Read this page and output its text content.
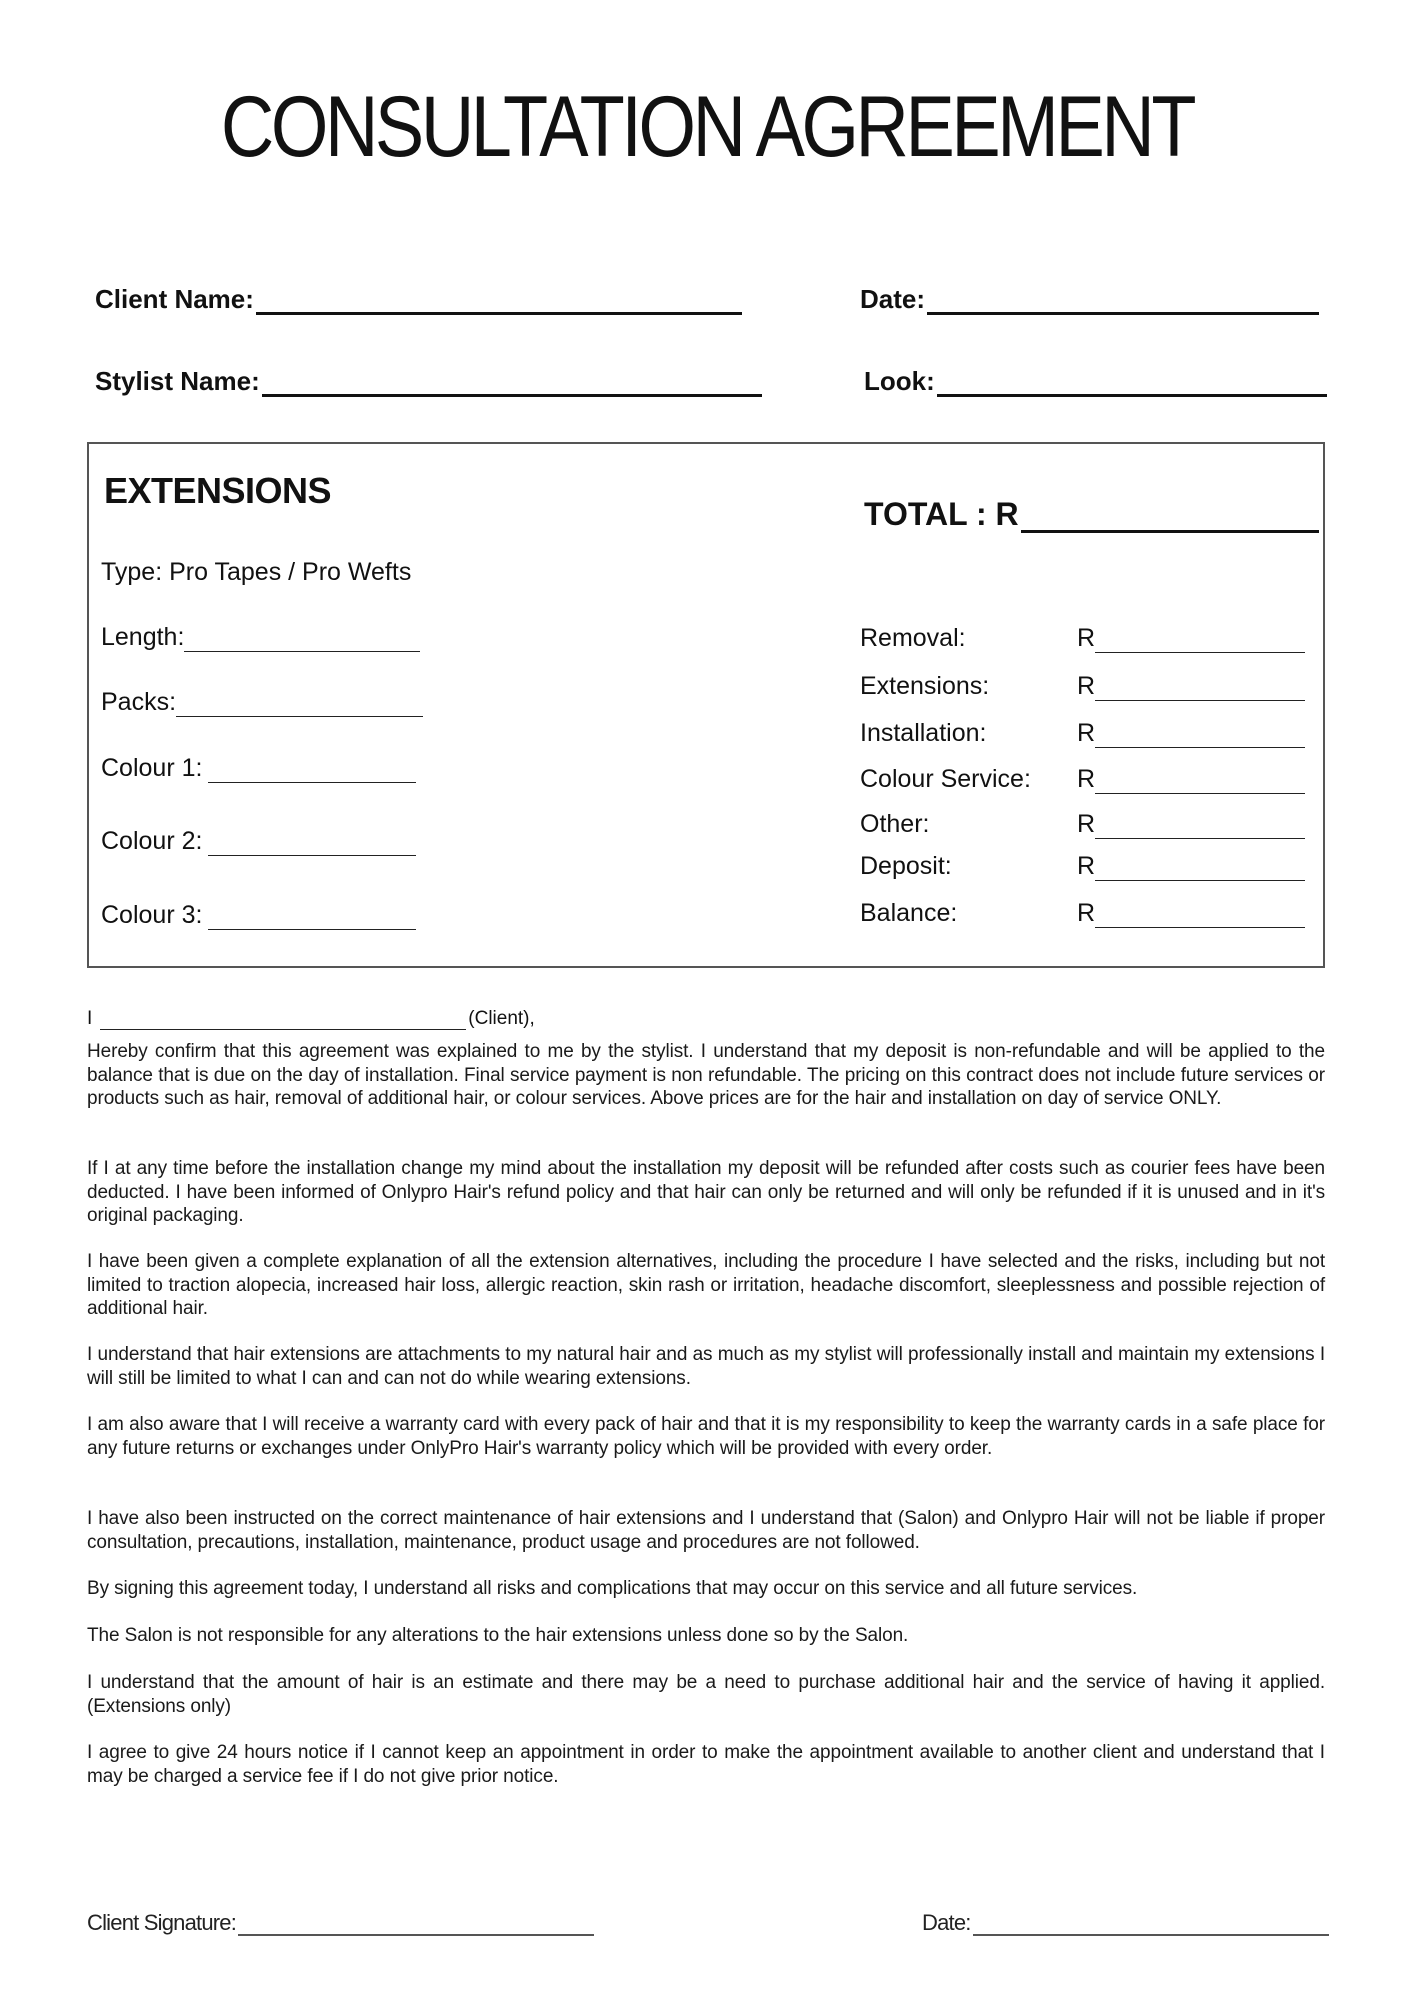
CONSULTATION AGREEMENT
Client Name:	Date:
Stylist Name:	Look:
EXTENSIONS
TOTAL : R
Type: Pro Tapes / Pro Wefts
Length:
Packs:
Colour 1:
Colour 2:
Colour 3:
Removal:	R
Extensions:	R
Installation:	R
Colour Service:	R
Other:	R
Deposit:	R
Balance:	R
I	(Client),

Hereby confirm that this agreement was explained to me by the stylist. I understand that my deposit is non-refundable and will be applied to the balance that is due on the day of installation. Final service payment is non refundable. The pricing on this contract does not include future services or products such as hair, removal of additional hair, or colour services. Above prices are for the hair and installation on day of service ONLY.

If I at any time before the installation change my mind about the installation my deposit will be refunded after costs such as courier fees have been deducted. I have been informed of Onlypro Hair's refund policy and that hair can only be returned and will only be refunded if it is unused and in it's original packaging.

I have been given a complete explanation of all the extension alternatives, including the procedure I have selected and the risks, including but not limited to traction alopecia, increased hair loss, allergic reaction, skin rash or irritation, headache discomfort, sleeplessness and possible rejection of additional hair.

I understand that hair extensions are attachments to my natural hair and as much as my stylist will professionally install and maintain my extensions I will still be limited to what I can and can not do while wearing extensions.

I am also aware that I will receive a warranty card with every pack of hair and that it is my responsibility to keep the warranty cards in a safe place for any future returns or exchanges under OnlyPro Hair's warranty policy which will be provided with every order.

I have also been instructed on the correct maintenance of hair extensions and I understand that (Salon) and Onlypro Hair will not be liable if proper consultation, precautions, installation, maintenance, product usage and procedures are not followed.

By signing this agreement today, I understand all risks and complications that may occur on this service and all future services.

The Salon is not responsible for any alterations to the hair extensions unless done so by the Salon.

I understand that the amount of hair is an estimate and there may be a need to purchase additional hair and the service of having it applied. (Extensions only)

I agree to give 24 hours notice if I cannot keep an appointment in order to make the appointment available to another client and understand that I may be charged a service fee if I do not give prior notice.

Client Signature:	Date:
